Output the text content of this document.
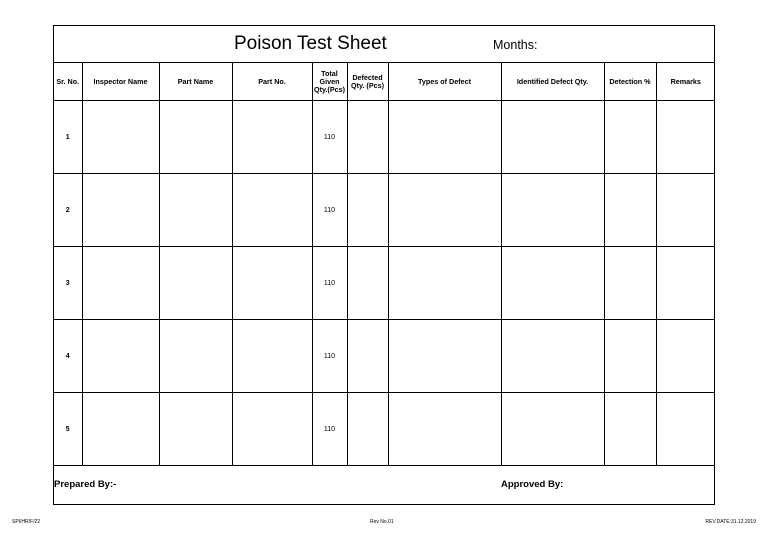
Poison Test Sheet	Months:
Sr. No.	Inspector Name	Part Name	Part No.	Total Given Qty.(Pcs)	Defected Qty. (Pcs)	Types of Defect	Identified Defect Qty.	Detection %	Remarks
1				110					
2				110					
3				110					
4				110					
5				110					
Prepared By:-	Approved By:
SPI/HR/F/22	Rev No.01	REV.DATE:31.12.2019
